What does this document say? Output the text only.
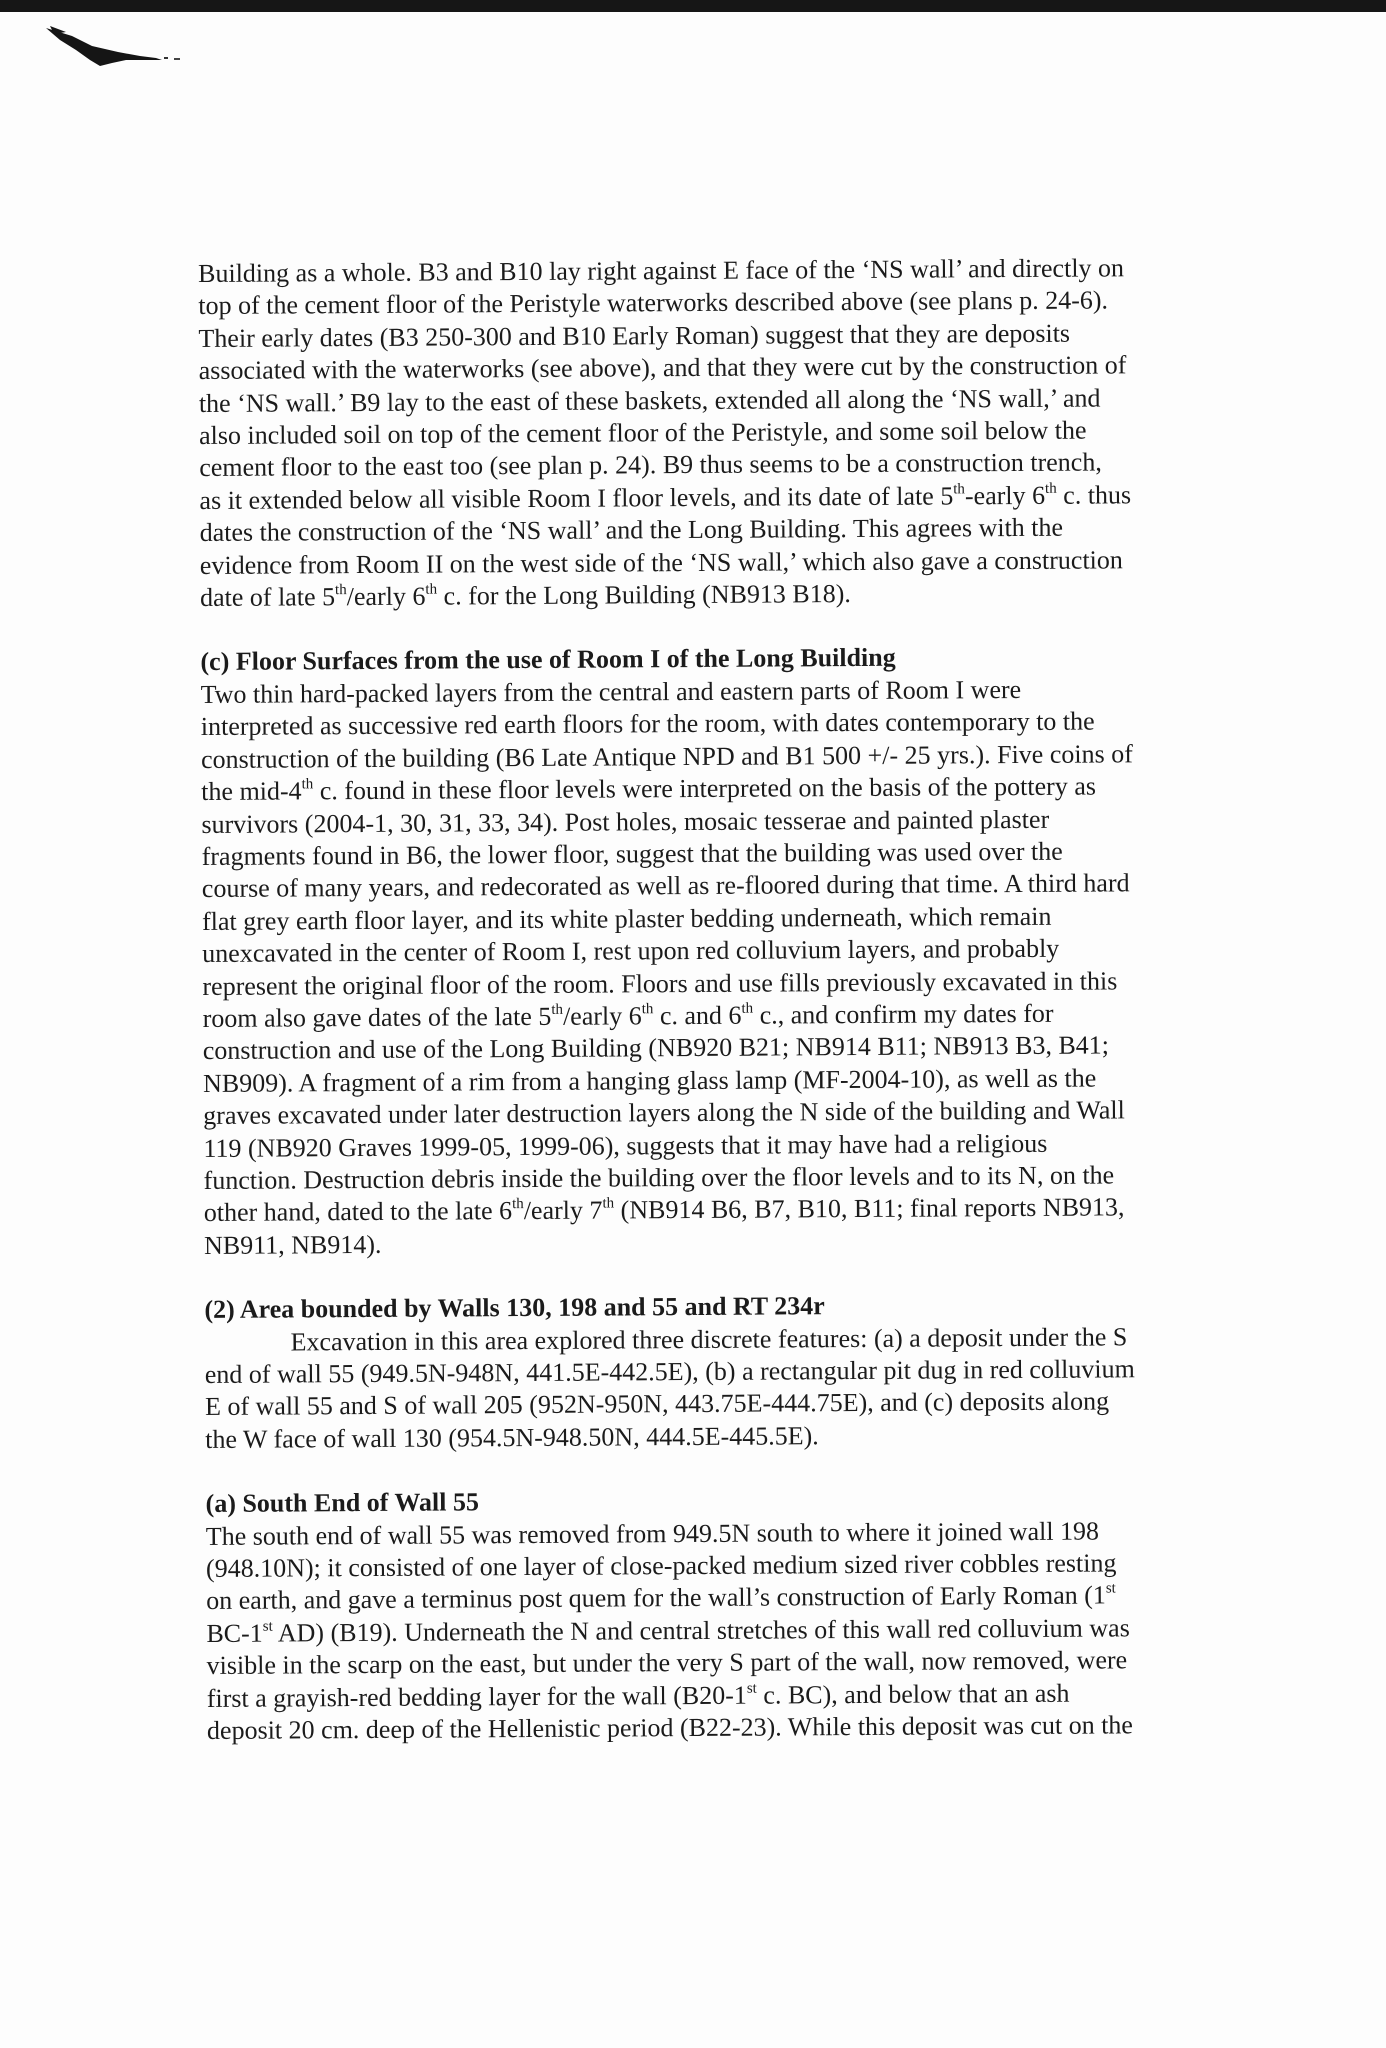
Building as a whole. B3 and B10 lay right against E face of the ‘NS wall’ and directly on
top of the cement floor of the Peristyle waterworks described above (see plans p. 24-6).
Their early dates (B3 250-300 and B10 Early Roman) suggest that they are deposits
associated with the waterworks (see above), and that they were cut by the construction of
the ‘NS wall.’ B9 lay to the east of these baskets, extended all along the ‘NS wall,’ and
also included soil on top of the cement floor of the Peristyle, and some soil below the
cement floor to the east too (see plan p. 24). B9 thus seems to be a construction trench,
as it extended below all visible Room I floor levels, and its date of late 5th-early 6th c. thus
dates the construction of the ‘NS wall’ and the Long Building. This agrees with the
evidence from Room II on the west side of the ‘NS wall,’ which also gave a construction
date of late 5th/early 6th c. for the Long Building (NB913 B18).

(c) Floor Surfaces from the use of Room I of the Long Building

Two thin hard-packed layers from the central and eastern parts of Room I were
interpreted as successive red earth floors for the room, with dates contemporary to the
construction of the building (B6 Late Antique NPD and B1 500 +/- 25 yrs.). Five coins of
the mid-4th c. found in these floor levels were interpreted on the basis of the pottery as
survivors (2004-1, 30, 31, 33, 34). Post holes, mosaic tesserae and painted plaster
fragments found in B6, the lower floor, suggest that the building was used over the
course of many years, and redecorated as well as re-floored during that time. A third hard
flat grey earth floor layer, and its white plaster bedding underneath, which remain
unexcavated in the center of Room I, rest upon red colluvium layers, and probably
represent the original floor of the room. Floors and use fills previously excavated in this
room also gave dates of the late 5th/early 6th c. and 6th c., and confirm my dates for
construction and use of the Long Building (NB920 B21; NB914 B11; NB913 B3, B41;
NB909). A fragment of a rim from a hanging glass lamp (MF-2004-10), as well as the
graves excavated under later destruction layers along the N side of the building and Wall
119 (NB920 Graves 1999-05, 1999-06), suggests that it may have had a religious
function. Destruction debris inside the building over the floor levels and to its N, on the
other hand, dated to the late 6th/early 7th (NB914 B6, B7, B10, B11; final reports NB913,
NB911, NB914).

(2) Area bounded by Walls 130, 198 and 55 and RT 234r

Excavation in this area explored three discrete features: (a) a deposit under the S
end of wall 55 (949.5N-948N, 441.5E-442.5E), (b) a rectangular pit dug in red colluvium
E of wall 55 and S of wall 205 (952N-950N, 443.75E-444.75E), and (c) deposits along
the W face of wall 130 (954.5N-948.50N, 444.5E-445.5E).

(a) South End of Wall 55

The south end of wall 55 was removed from 949.5N south to where it joined wall 198
(948.10N); it consisted of one layer of close-packed medium sized river cobbles resting
on earth, and gave a terminus post quem for the wall’s construction of Early Roman (1st
BC-1st AD) (B19). Underneath the N and central stretches of this wall red colluvium was
visible in the scarp on the east, but under the very S part of the wall, now removed, were
first a grayish-red bedding layer for the wall (B20-1st c. BC), and below that an ash
deposit 20 cm. deep of the Hellenistic period (B22-23). While this deposit was cut on the
